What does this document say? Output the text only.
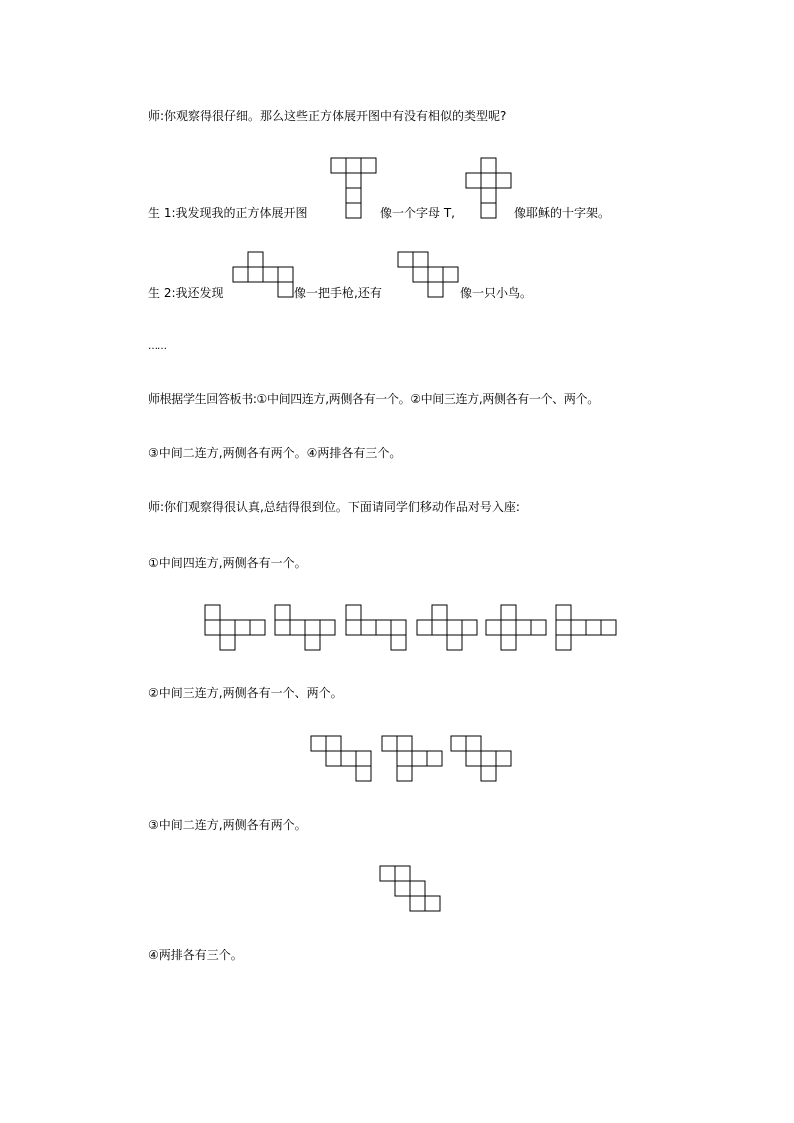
师:你观察得很仔细。那么这些正方体展开图中有没有相似的类型呢?
生 1:我发现我的正方体展开图	像一个字母 T,	像耶稣的十字架。
生 2:我还发现	像一把手枪,还有	像一只小鸟。
……
师根据学生回答板书:①中间四连方,两侧各有一个。②中间三连方,两侧各有一个、两个。
③中间二连方,两侧各有两个。④两排各有三个。
师:你们观察得很认真,总结得很到位。下面请同学们移动作品对号入座:
①中间四连方,两侧各有一个。
②中间三连方,两侧各有一个、两个。
③中间二连方,两侧各有两个。
④两排各有三个。
